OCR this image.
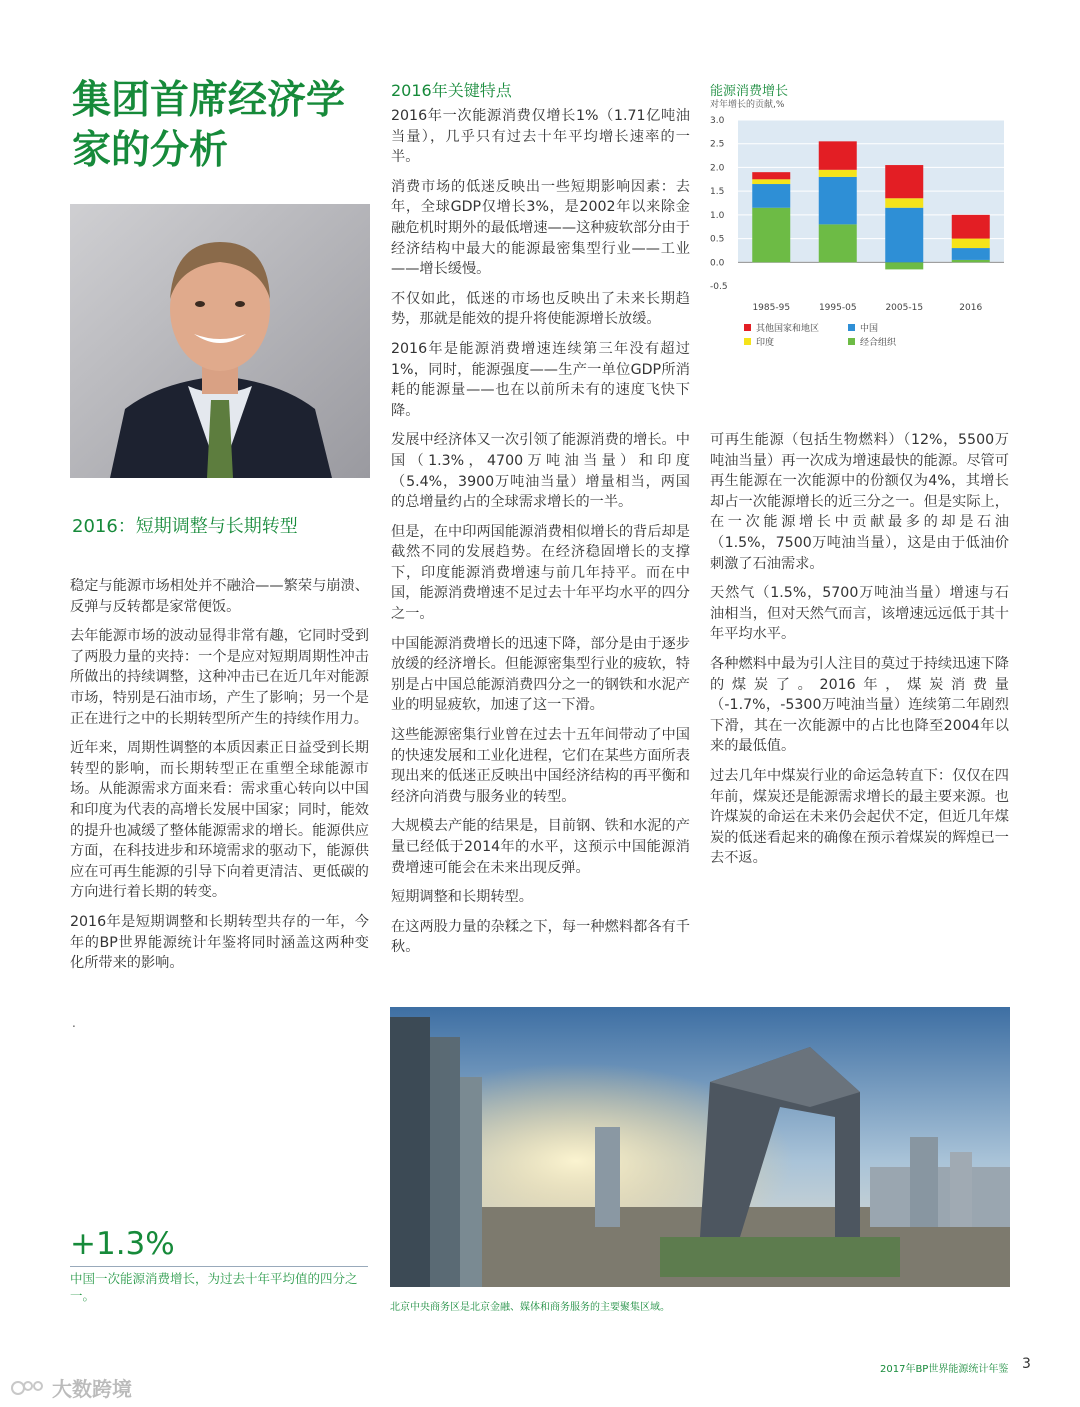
集团首席经济学家的分析
2016：短期调整与长期转型

稳定与能源市场相处并不融洽——繁荣与崩溃、反弹与反转都是家常便饭。

去年能源市场的波动显得非常有趣，它同时受到了两股力量的夹持：一个是应对短期周期性冲击所做出的持续调整，这种冲击已在近几年对能源市场，特别是石油市场，产生了影响；另一个是正在进行之中的长期转型所产生的持续作用力。

近年来，周期性调整的本质因素正日益受到长期转型的影响，而长期转型正在重塑全球能源市场。从能源需求方面来看：需求重心转向以中国和印度为代表的高增长发展中国家；同时，能效的提升也减缓了整体能源需求的增长。能源供应方面，在科技进步和环境需求的驱动下，能源供应在可再生能源的引导下向着更清洁、更低碳的方向进行着长期的转变。

2016年是短期调整和长期转型共存的一年，今年的BP世界能源统计年鉴将同时涵盖这两种变化所带来的影响。

.
2016年关键特点

2016年一次能源消费仅增长1%（1.71亿吨油当量），几乎只有过去十年平均增长速率的一半。

消费市场的低迷反映出一些短期影响因素：去年，全球GDP仅增长3%，是2002年以来除金融危机时期外的最低增速——这种疲软部分由于经济结构中最大的能源最密集型行业——工业——增长缓慢。

不仅如此，低迷的市场也反映出了未来长期趋势，那就是能效的提升将使能源增长放缓。

2016年是能源消费增速连续第三年没有超过1%，同时，能源强度——生产一单位GDP所消耗的能源量——也在以前所未有的速度飞快下降。

发展中经济体又一次引领了能源消费的增长。中国（1.3%，4700万吨油当量）和印度（5.4%，3900万吨油当量）增量相当，两国的总增量约占的全球需求增长的一半。

但是，在中印两国能源消费相似增长的背后却是截然不同的发展趋势。在经济稳固增长的支撑下，印度能源消费增速与前几年持平。而在中国，能源消费增速不足过去十年平均水平的四分之一。

中国能源消费增长的迅速下降，部分是由于逐步放缓的经济增长。但能源密集型行业的疲软，特别是占中国总能源消费四分之一的钢铁和水泥产业的明显疲软，加速了这一下滑。

这些能源密集行业曾在过去十五年间带动了中国的快速发展和工业化进程，它们在某些方面所表现出来的低迷正反映出中国经济结构的再平衡和经济向消费与服务业的转型。

大规模去产能的结果是，目前钢、铁和水泥的产量已经低于2014年的水平，这预示中国能源消费增速可能会在未来出现反弹。

短期调整和长期转型。

在这两股力量的杂糅之下，每一种燃料都各有千秋。

能源消费增长
对年增长的贡献,%
3.0
2.5
2.0
1.5
1.0
0.5
0.0
-0.5
1985-95	1995-05	2005-15	2016
其他国家和地区	中国
印度	经合组织

可再生能源（包括生物燃料）（12%，5500万吨油当量）再一次成为增速最快的能源。尽管可再生能源在一次能源中的份额仅为4%，其增长却占一次能源增长的近三分之一。但是实际上，在一次能源增长中贡献最多的却是石油（1.5%，7500万吨油当量），这是由于低油价刺激了石油需求。

天然气（1.5%，5700万吨油当量）增速与石油相当，但对天然气而言，该增速远远低于其十年平均水平。

各种燃料中最为引人注目的莫过于持续迅速下降的煤炭了。2016年，煤炭消费量（-1.7%，-5300万吨油当量）连续第二年剧烈下滑，其在一次能源中的占比也降至2004年以来的最低值。

过去几年中煤炭行业的命运急转直下：仅仅在四年前，煤炭还是能源需求增长的最主要来源。也许煤炭的命运在未来仍会起伏不定，但近几年煤炭的低迷看起来的确像在预示着煤炭的辉煌已一去不返。

+1.3%
中国一次能源消费增长，为过去十年平均值的四分之一。
北京中央商务区是北京金融、媒体和商务服务的主要聚集区域。
2017年BP世界能源统计年鉴 3
大数跨境
